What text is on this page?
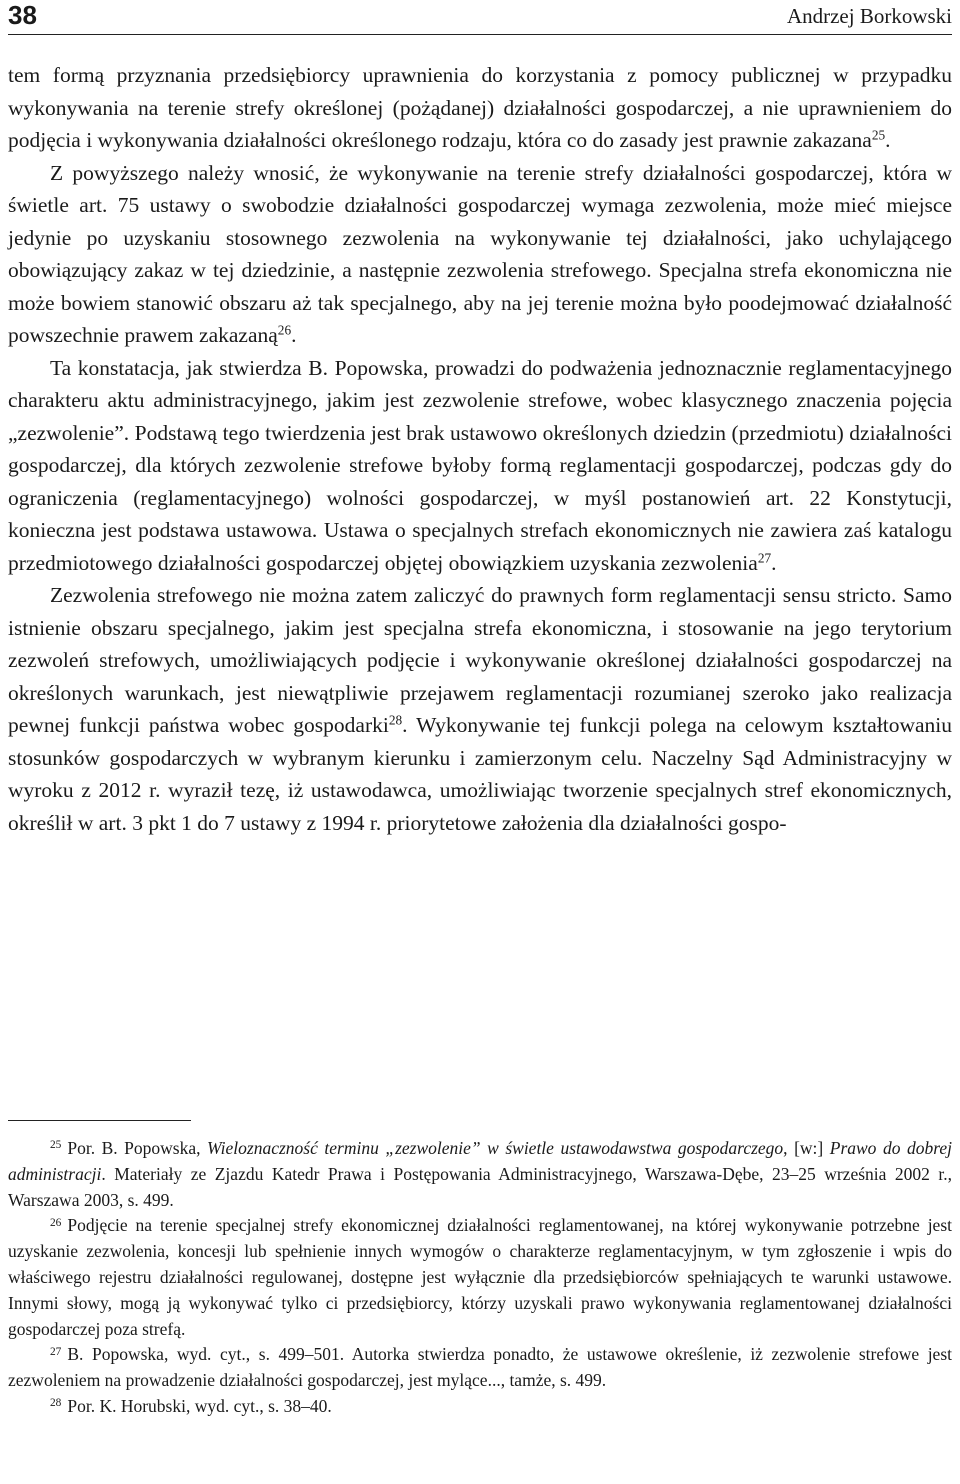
38	Andrzej Borkowski

tem formą przyznania przedsiębiorcy uprawnienia do korzystania z pomocy publicznej w przypadku wykonywania na terenie strefy określonej (pożądanej) działalności gospodarczej, a nie uprawnieniem do podjęcia i wykonywania działalności określonego rodzaju, która co do zasady jest prawnie zakazana$^{25}$.

Z powyższego należy wnosić, że wykonywanie na terenie strefy działalności gospodarczej, która w świetle art. 75 ustawy o swobodzie działalności gospodarczej wymaga zezwolenia, może mieć miejsce jedynie po uzyskaniu stosownego zezwolenia na wykonywanie tej działalności, jako uchylającego obowiązujący zakaz w tej dziedzinie, a następnie zezwolenia strefowego. Specjalna strefa ekonomiczna nie może bowiem stanowić obszaru aż tak specjalnego, aby na jej terenie można było poodejmować działalność powszechnie prawem zakazaną$^{26}$.

Ta konstatacja, jak stwierdza B. Popowska, prowadzi do podważenia jednoznacznie reglamentacyjnego charakteru aktu administracyjnego, jakim jest zezwolenie strefowe, wobec klasycznego znaczenia pojęcia „zezwolenie”. Podstawą tego twierdzenia jest brak ustawowo określonych dziedzin (przedmiotu) działalności gospodarczej, dla których zezwolenie strefowe byłoby formą reglamentacji gospodarczej, podczas gdy do ograniczenia (reglamentacyjnego) wolności gospodarczej, w myśl postanowień art. 22 Konstytucji, konieczna jest podstawa ustawowa. Ustawa o specjalnych strefach ekonomicznych nie zawiera zaś katalogu przedmiotowego działalności gospodarczej objętej obowiązkiem uzyskania zezwolenia$^{27}$.

Zezwolenia strefowego nie można zatem zaliczyć do prawnych form reglamentacji sensu stricto. Samo istnienie obszaru specjalnego, jakim jest specjalna strefa ekonomiczna, i stosowanie na jego terytorium zezwoleń strefowych, umożliwiających podjęcie i wykonywanie określonej działalności gospodarczej na określonych warunkach, jest niewątpliwie przejawem reglamentacji rozumianej szeroko jako realizacja pewnej funkcji państwa wobec gospodarki$^{28}$. Wykonywanie tej funkcji polega na celowym kształtowaniu stosunków gospodarczych w wybranym kierunku i zamierzonym celu. Naczelny Sąd Administracyjny w wyroku z 2012 r. wyraził tezę, iż ustawodawca, umożliwiając tworzenie specjalnych stref ekonomicznych, określił w art. 3 pkt 1 do 7 ustawy z 1994 r. priorytetowe założenia dla działalności gospo-

$^{25}$ Por. B. Popowska, Wieloznaczność terminu „zezwolenie” w świetle ustawodawstwa gospodarczego, [w:] Prawo do dobrej administracji. Materiały ze Zjazdu Katedr Prawa i Postępowania Administracyjnego, Warszawa-Dębe, 23–25 września 2002 r., Warszawa 2003, s. 499.

$^{26}$ Podjęcie na terenie specjalnej strefy ekonomicznej działalności reglamentowanej, na której wykonywanie potrzebne jest uzyskanie zezwolenia, koncesji lub spełnienie innych wymogów o charakterze reglamentacyjnym, w tym zgłoszenie i wpis do właściwego rejestru działalności regulowanej, dostępne jest wyłącznie dla przedsiębiorców spełniających te warunki ustawowe. Innymi słowy, mogą ją wykonywać tylko ci przedsiębiorcy, którzy uzyskali prawo wykonywania reglamentowanej działalności gospodarczej poza strefą.

$^{27}$ B. Popowska, wyd. cyt., s. 499–501. Autorka stwierdza ponadto, że ustawowe określenie, iż zezwolenie strefowe jest zezwoleniem na prowadzenie działalności gospodarczej, jest mylące..., tamże, s. 499.

$^{28}$ Por. K. Horubski, wyd. cyt., s. 38–40.
